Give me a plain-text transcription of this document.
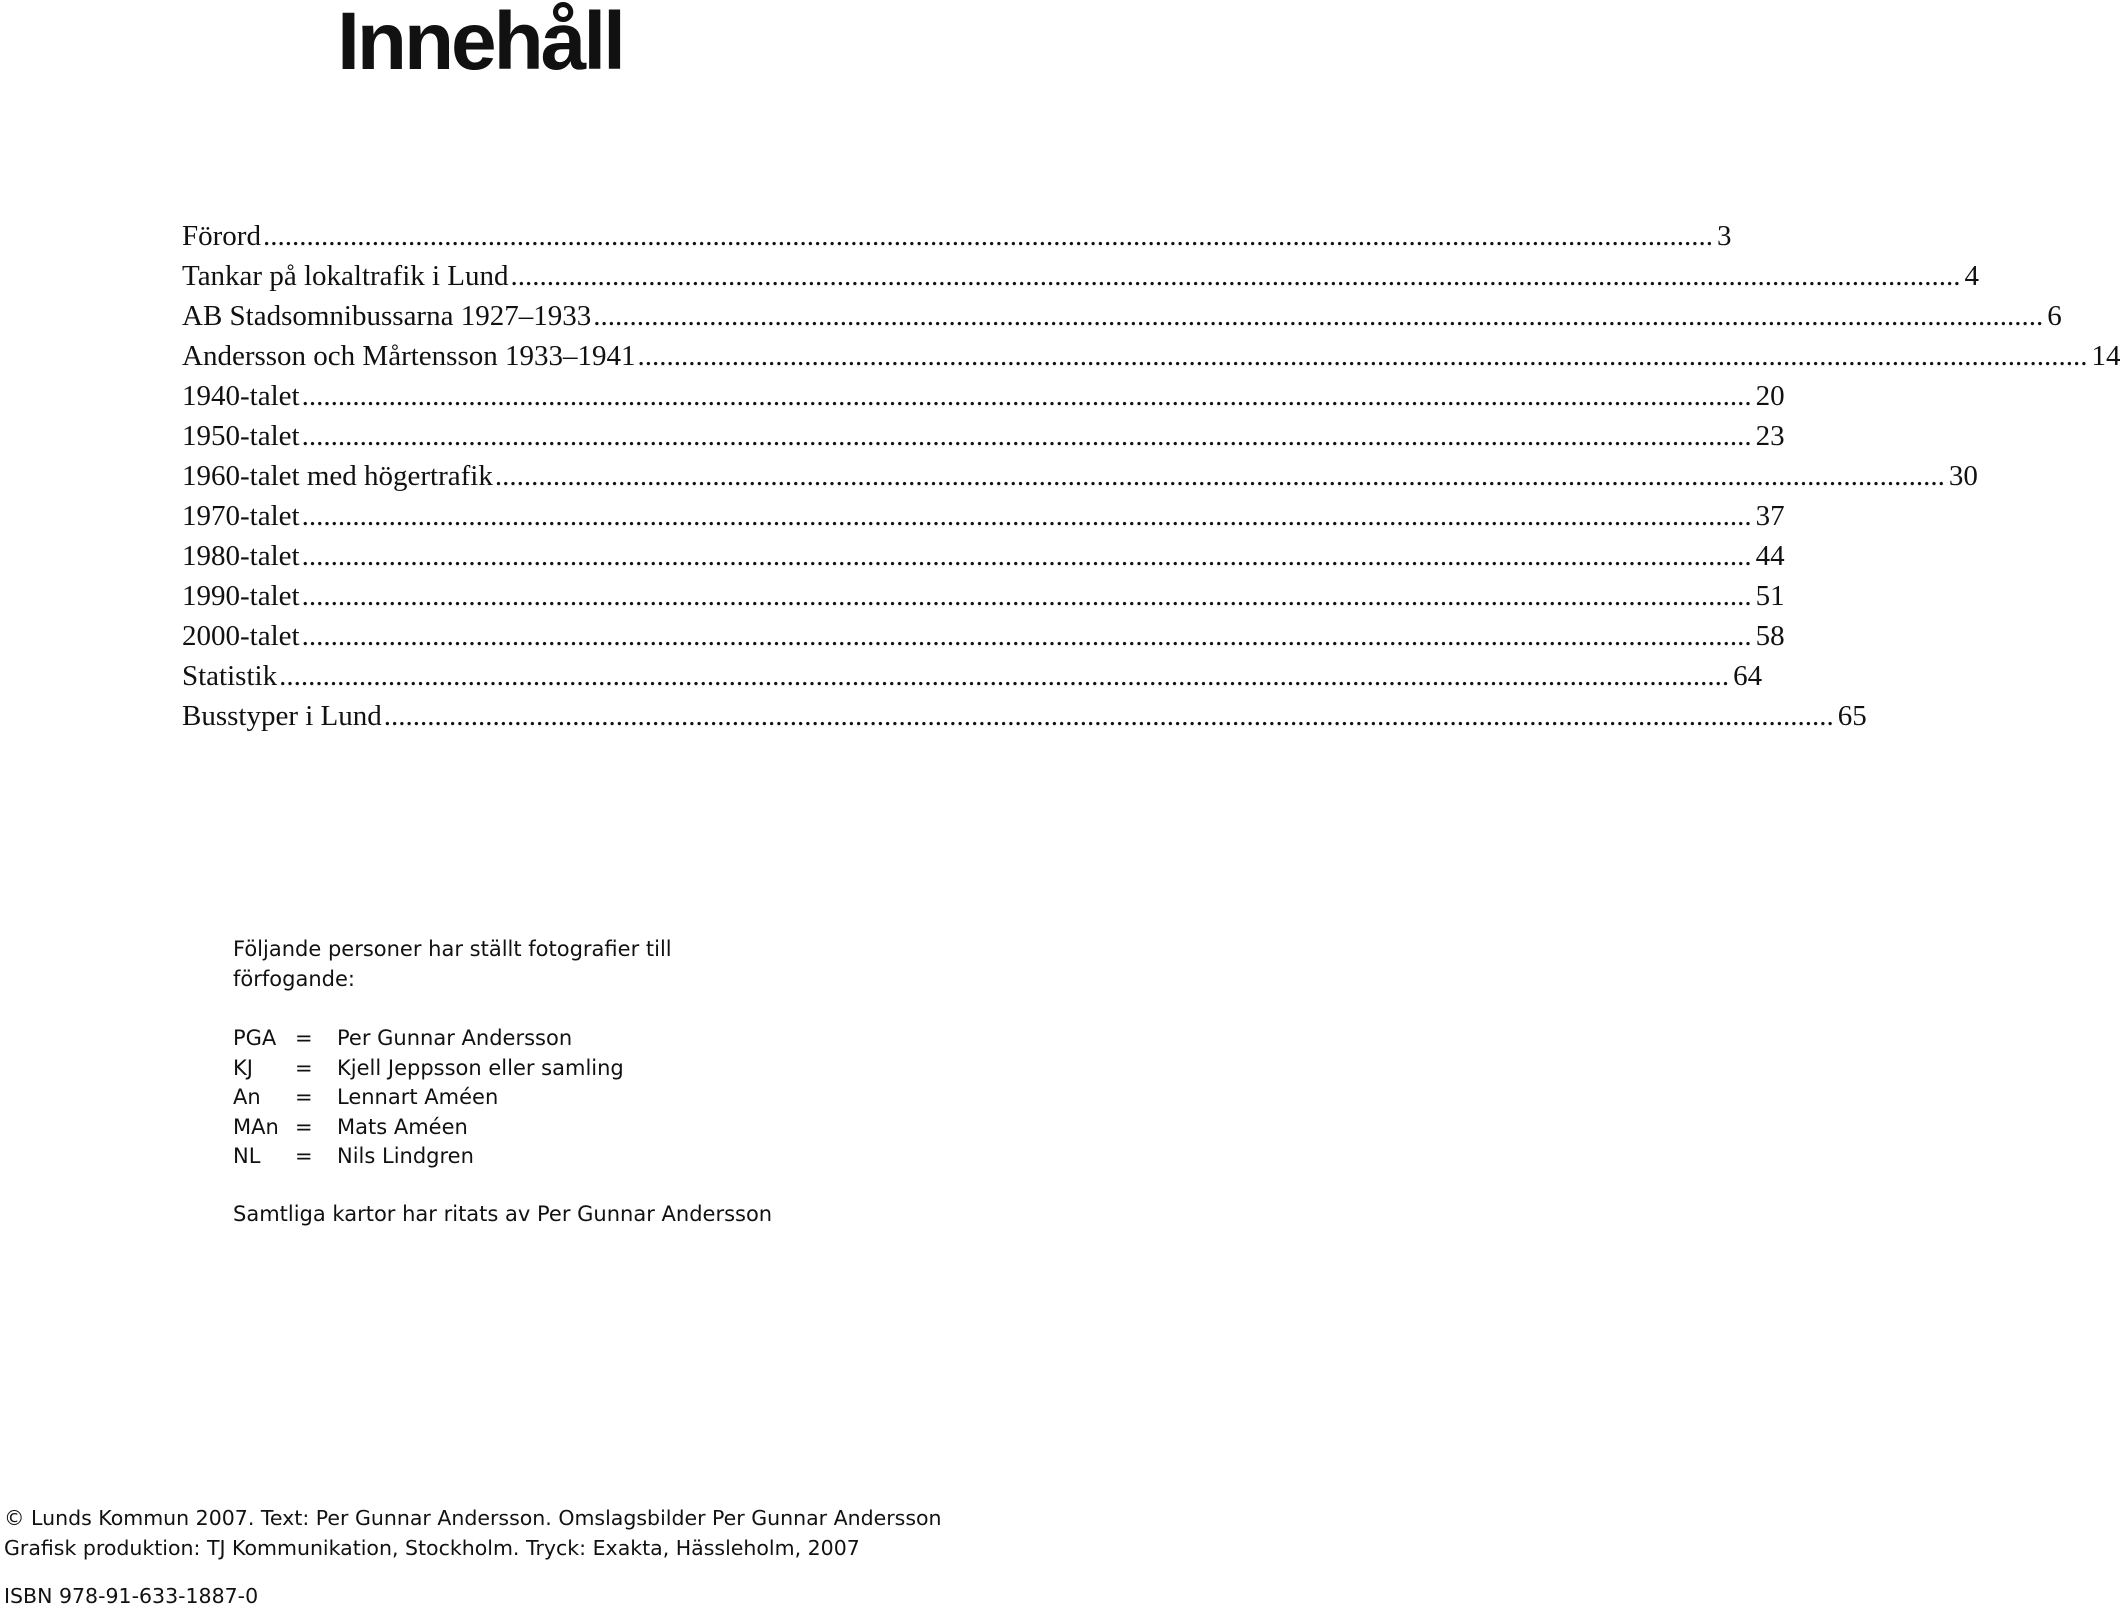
Innehåll
Förord ........................................................................................................................................................................................................ 3
Tankar på lokaltrafik i Lund ........................................................................................................................................................................................................ 4
AB Stadsomnibussarna 1927–1933 ........................................................................................................................................................................................................ 6
Andersson och Mårtensson 1933–1941 ........................................................................................................................................................................................................ 14
1940-talet ........................................................................................................................................................................................................ 20
1950-talet ........................................................................................................................................................................................................ 23
1960-talet med högertrafik ........................................................................................................................................................................................................ 30
1970-talet ........................................................................................................................................................................................................ 37
1980-talet ........................................................................................................................................................................................................ 44
1990-talet ........................................................................................................................................................................................................ 51
2000-talet ........................................................................................................................................................................................................ 58
Statistik ........................................................................................................................................................................................................ 64
Busstyper i Lund ........................................................................................................................................................................................................ 65

Följande personer har ställt fotografier till förfogande:

PGA =	Per Gunnar Andersson
KJ	=	Kjell Jeppsson eller samling
An	=	Lennart Améen
MAn =	Mats Améen
NL	=	Nils Lindgren
Samtliga kartor har ritats av Per Gunnar Andersson
© Lunds Kommun 2007. Text: Per Gunnar Andersson. Omslagsbilder Per Gunnar Andersson
Grafisk produktion: TJ Kommunikation, Stockholm. Tryck: Exakta, Hässleholm, 2007
ISBN 978-91-633-1887-0
